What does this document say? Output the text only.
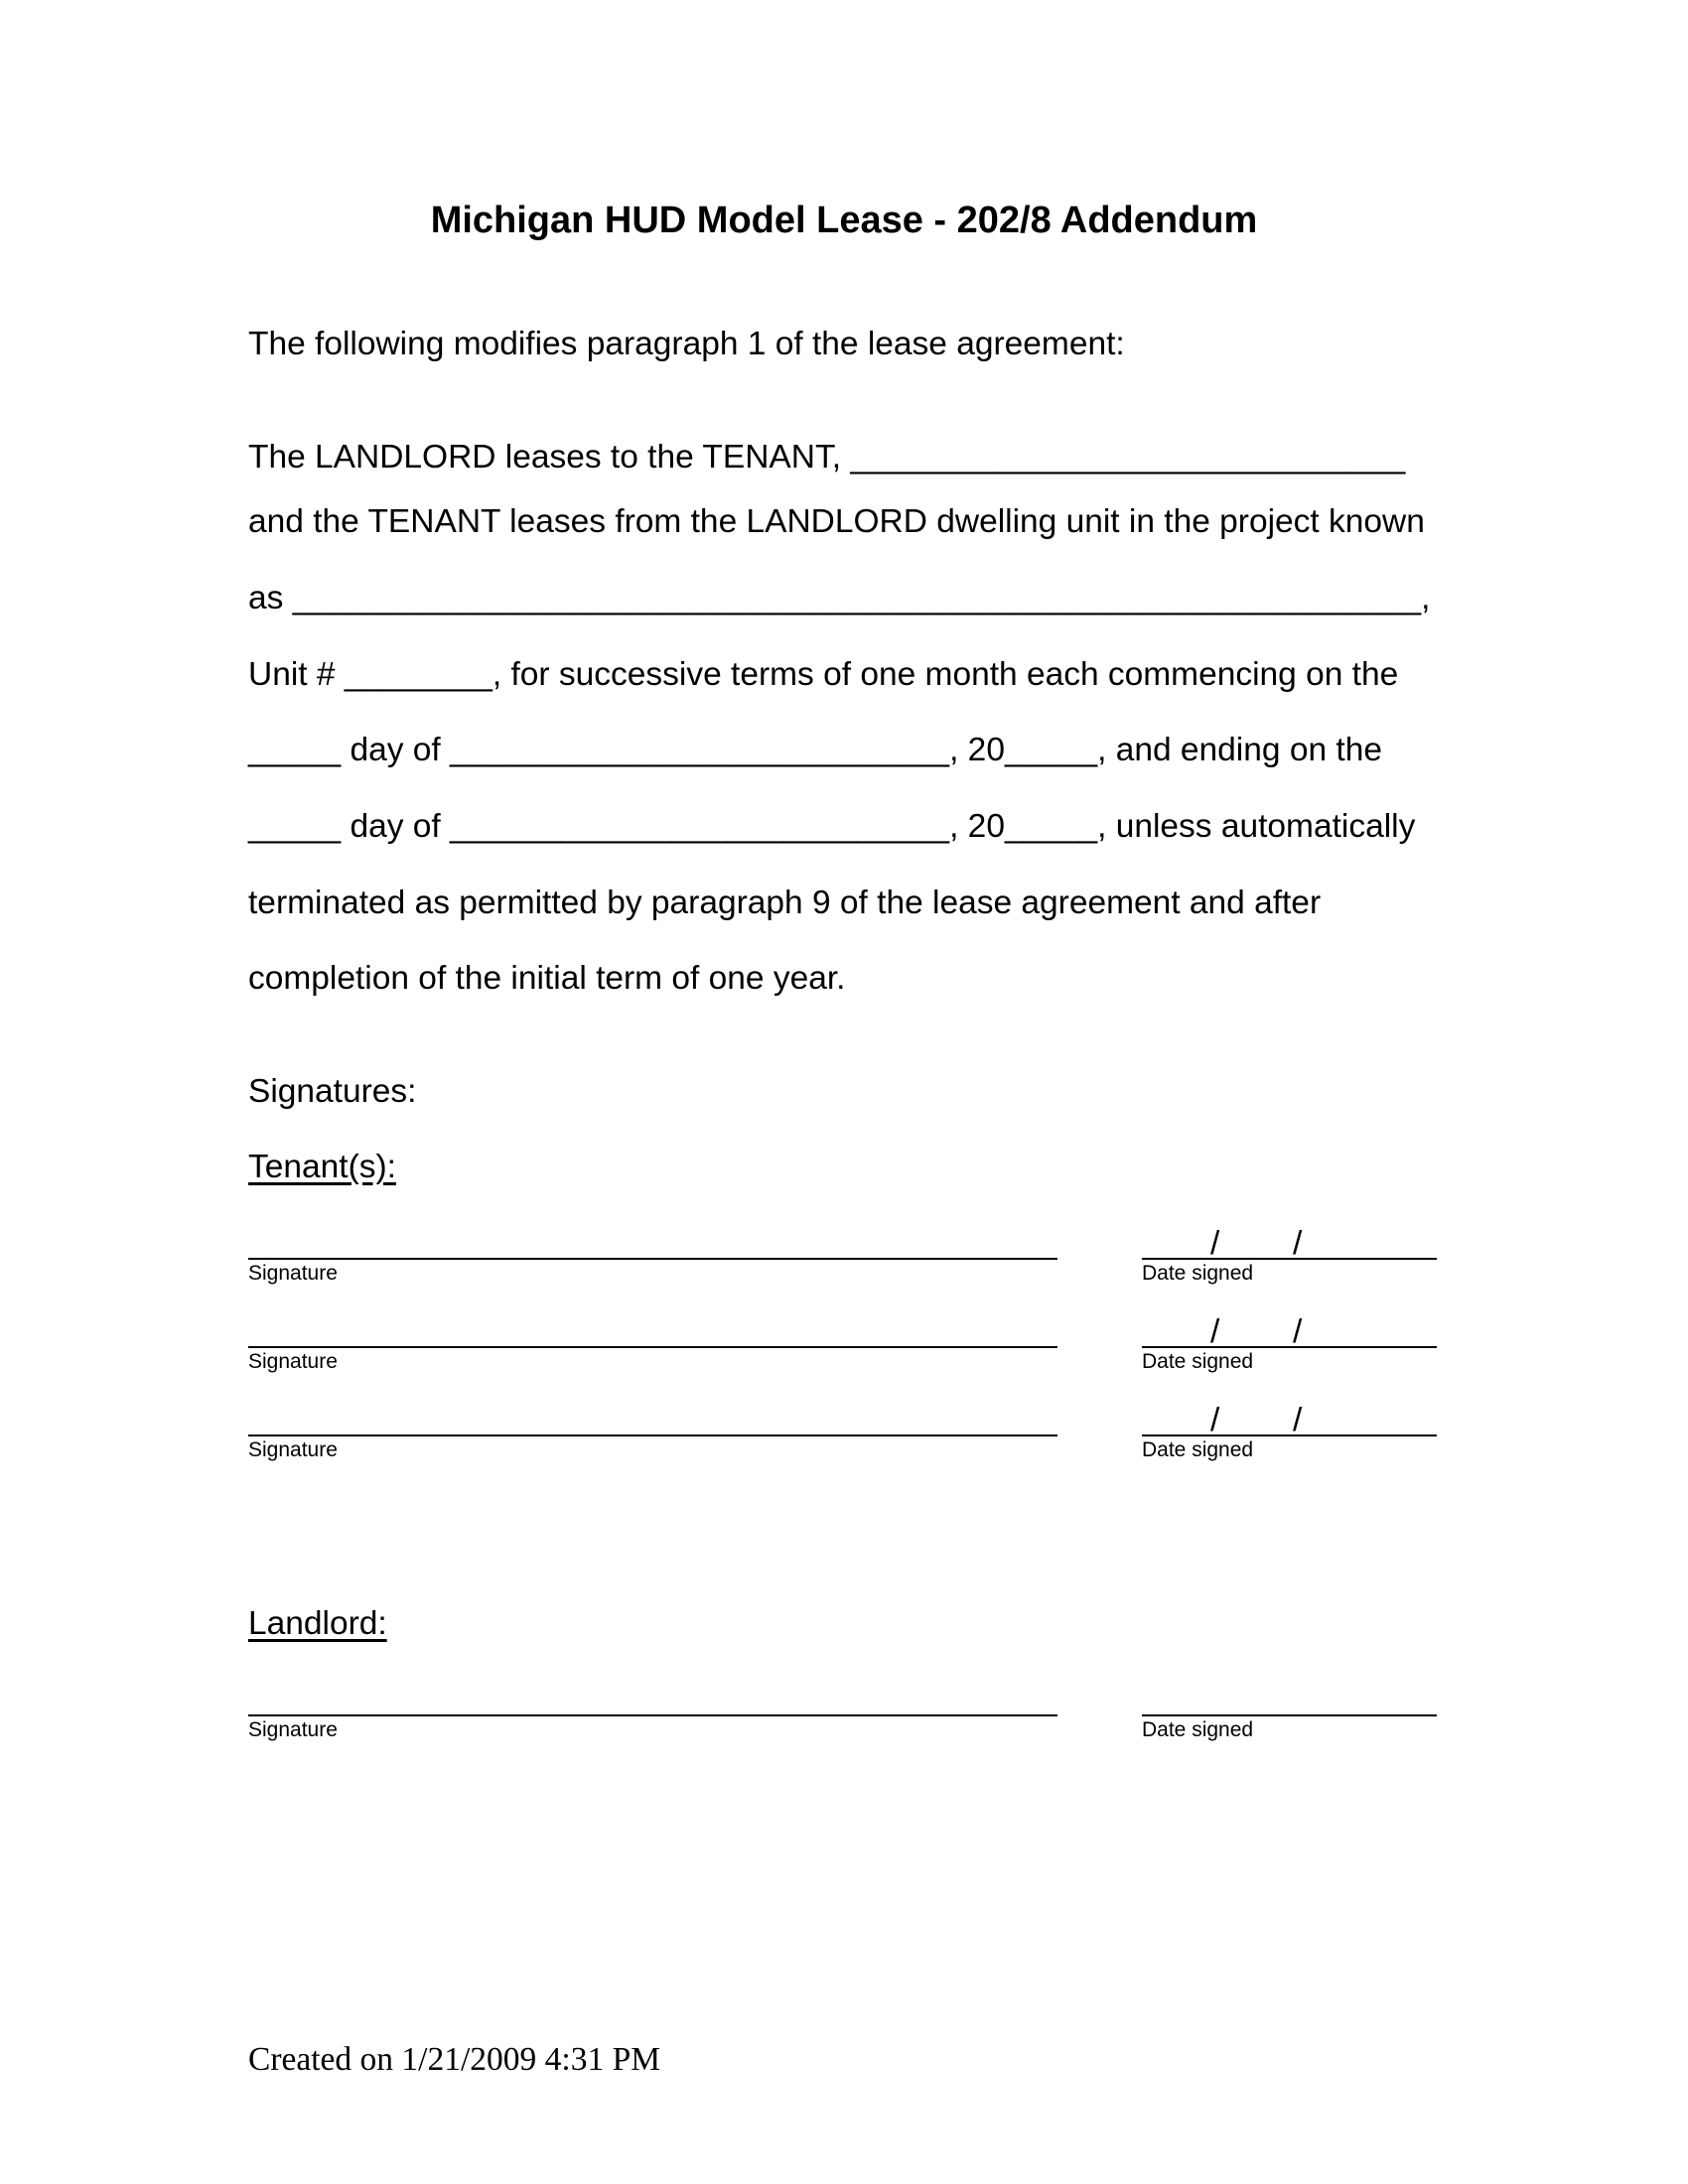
Michigan HUD Model Lease - 202/8 Addendum
The following modifies paragraph 1 of the lease agreement:
The LANDLORD leases to the TENANT, ______________________________
and the TENANT leases from the LANDLORD dwelling unit in the project known
as _____________________________________________________________,
Unit # ________, for successive terms of one month each commencing on the
_____ day of ___________________________, 20_____, and ending on the
_____ day of ___________________________, 20_____, unless automatically
terminated as permitted by paragraph 9 of the lease agreement and after
completion of the initial term of one year.
Signatures:
Tenant(s):
Signature
/ /
Date signed
Signature
/ /
Date signed
Signature
/ /
Date signed
Landlord:
Signature	Date signed
Created on 1/21/2009 4:31 PM
